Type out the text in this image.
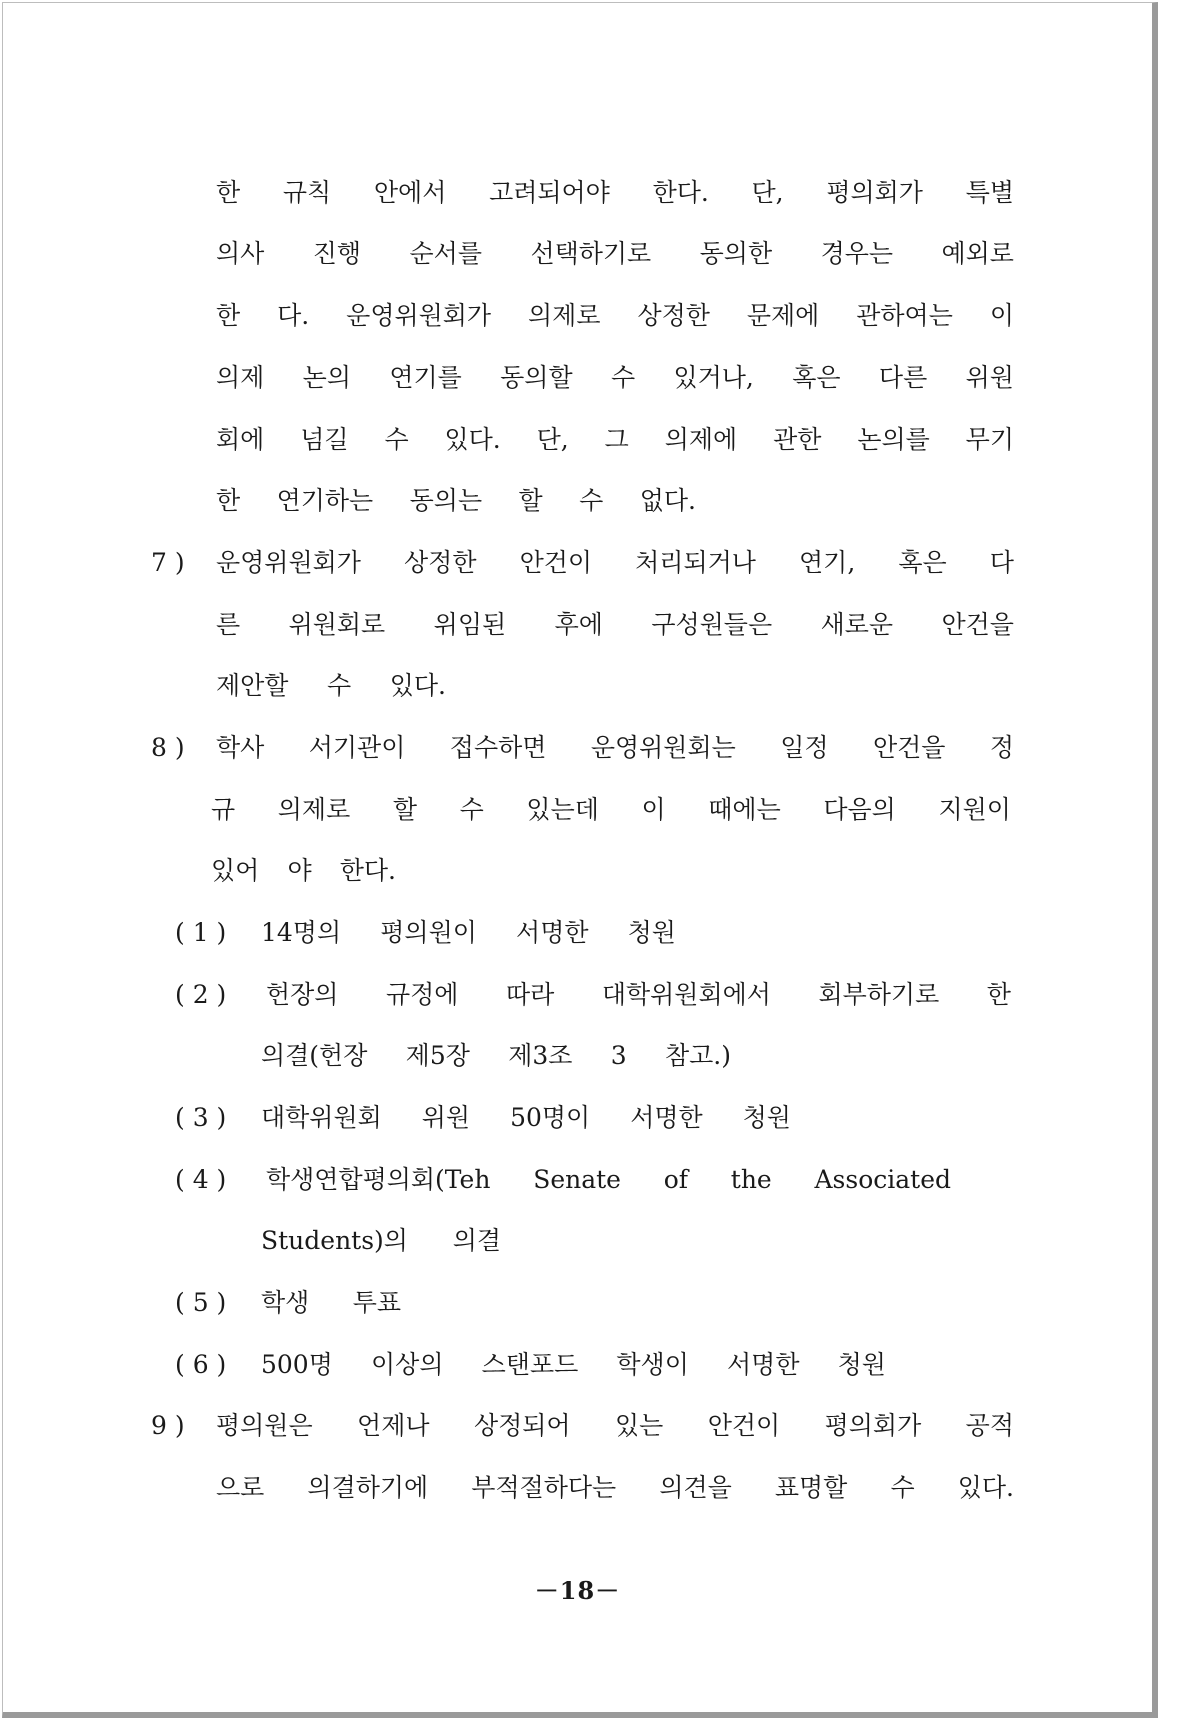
한 규칙 안에서 고려되어야 한다. 단, 평의회가 특별
의사 진행 순서를 선택하기로 동의한 경우는 예외로
한 다. 운영위원회가 의제로 상정한 문제에 관하여는 이
의제 논의 연기를 동의할 수 있거나, 혹은 다른 위원
회에 넘길 수 있다. 단, 그 의제에 관한 논의를 무기
한 연기하는 동의는 할 수 없다.
7 ) 운영위원회가 상정한 안건이 처리되거나 연기, 혹은 다
른 위원회로 위임된 후에 구성원들은 새로운 안건을
제안할 수 있다.
8 ) 학사 서기관이 접수하면 운영위원회는 일정 안건을 정
규 의제로 할 수 있는데 이 때에는 다음의 지원이
있어 야 한다.
( 1 ) 14명의 평의원이 서명한 청원
( 2 ) 헌장의 규정에 따라 대학위원회에서 회부하기로 한
의결(헌장 제5장 제3조 3 참고.)
( 3 ) 대학위원회 위원 50명이 서명한 청원
( 4 ) 학생연합평의회(Teh Senate of the Associated
Students)의 의결
( 5 ) 학생 투표
( 6 ) 500명 이상의 스탠포드 학생이 서명한 청원
9 ) 평의원은 언제나 상정되어 있는 안건이 평의회가 공적
으로 의결하기에 부적절하다는 의견을 표명할 수 있다.
－18－
